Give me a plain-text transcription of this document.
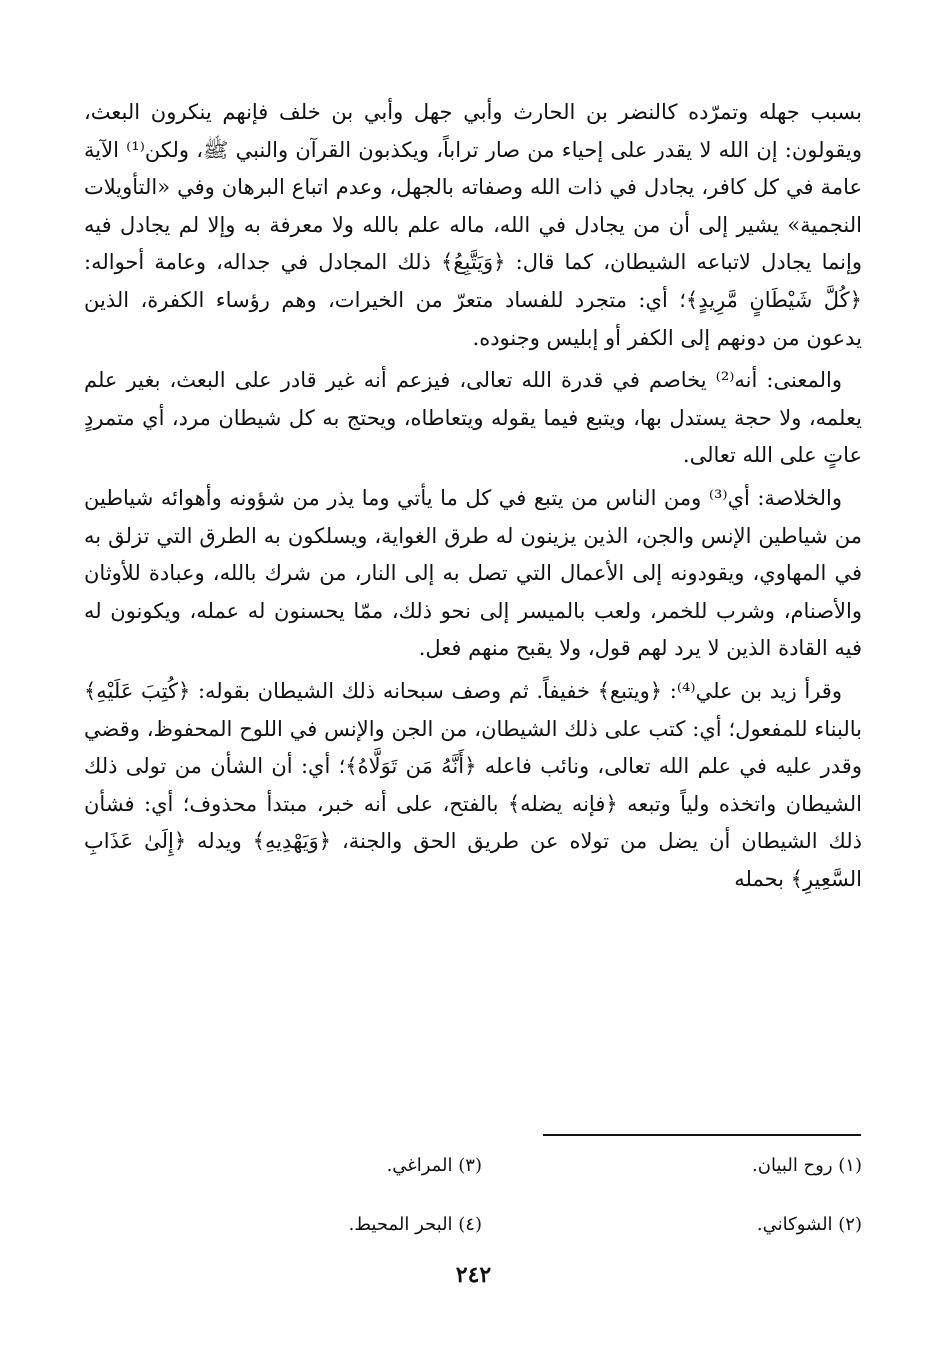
بسبب جهله وتمرّده كالنضر بن الحارث وأبي جهل وأبي بن خلف فإنهم ينكرون البعث، ويقولون: إن الله لا يقدر على إحياء من صار تراباً، ويكذبون القرآن والنبي ﷺ، ولكن⁽¹⁾ الآية عامة في كل كافر، يجادل في ذات الله وصفاته بالجهل، وعدم اتباع البرهان وفي «التأويلات النجمية» يشير إلى أن من يجادل في الله، ماله علم بالله ولا معرفة به وإلا لم يجادل فيه وإنما يجادل لاتباعه الشيطان، كما قال: ﴿وَيَتَّبِعُ﴾ ذلك المجادل في جداله، وعامة أحواله: ﴿كُلَّ شَيْطَانٍ مَّرِيدٍ﴾؛ أي: متجرد للفساد متعرّ من الخيرات، وهم رؤساء الكفرة، الذين يدعون من دونهم إلى الكفر أو إبليس وجنوده.

والمعنى: أنه⁽²⁾ يخاصم في قدرة الله تعالى، فيزعم أنه غير قادر على البعث، بغير علم يعلمه، ولا حجة يستدل بها، ويتبع فيما يقوله ويتعاطاه، ويحتج به كل شيطان مرد، أي متمردٍ عاتٍ على الله تعالى.

والخلاصة: أي⁽³⁾ ومن الناس من يتبع في كل ما يأتي وما يذر من شؤونه وأهوائه شياطين من شياطين الإنس والجن، الذين يزينون له طرق الغواية، ويسلكون به الطرق التي تزلق به في المهاوي، ويقودونه إلى الأعمال التي تصل به إلى النار، من شرك بالله، وعبادة للأوثان والأصنام، وشرب للخمر، ولعب بالميسر إلى نحو ذلك، ممّا يحسنون له عمله، ويكونون له فيه القادة الذين لا يرد لهم قول، ولا يقبح منهم فعل.

وقرأ زيد بن علي⁽⁴⁾: ﴿ويتبع﴾ خفيفاً. ثم وصف سبحانه ذلك الشيطان بقوله: ﴿كُتِبَ عَلَيْهِ﴾ بالبناء للمفعول؛ أي: كتب على ذلك الشيطان، من الجن والإنس في اللوح المحفوظ، وقضي وقدر عليه في علم الله تعالى، ونائب فاعله ﴿أَنَّهُ مَن تَوَلَّاهُ﴾؛ أي: أن الشأن من تولى ذلك الشيطان واتخذه ولياً وتبعه ﴿فإنه يضله﴾ بالفتح، على أنه خبر، مبتدأ محذوف؛ أي: فشأن ذلك الشيطان أن يضل من تولاه عن طريق الحق والجنة، ﴿وَيَهْدِيهِ﴾ ويدله ﴿إِلَىٰ عَذَابِ السَّعِيرِ﴾ بحمله

(١) روح البيان.
(٣) المراغي.
(٢) الشوكاني.
(٤) البحر المحيط.
٢٤٢
